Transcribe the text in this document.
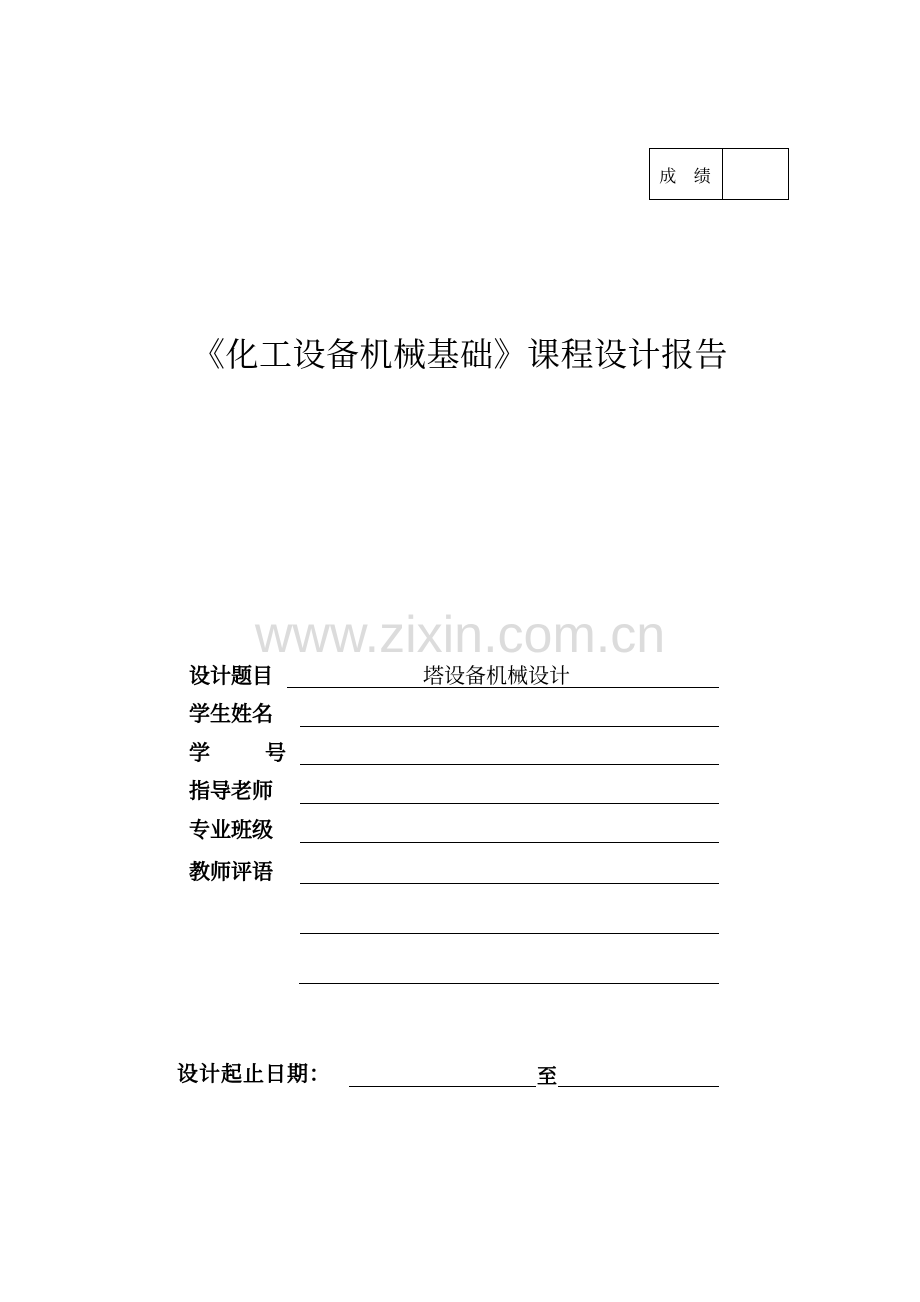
成 绩
《化工设备机械基础》课程设计报告
www.zixin.com.cn
设计题目	塔设备机械设计
学生姓名
学	号
指导老师
专业班级
教师评语
设计起止日期：	至
